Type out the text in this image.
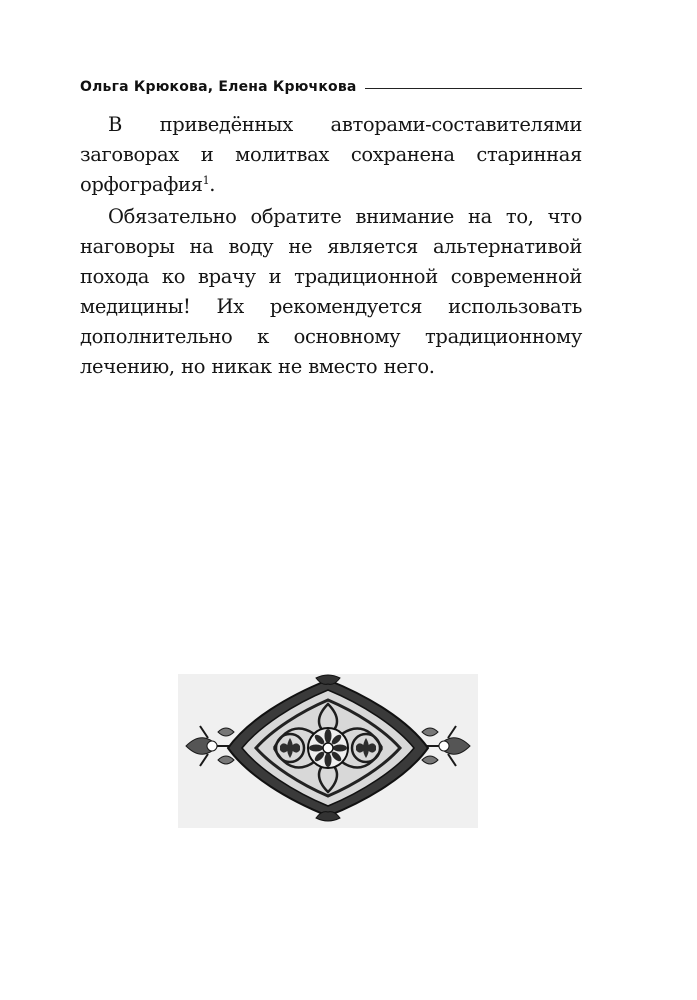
Ольга Крюкова, Елена Крючкова

В приведённых авторами-составителями заговорах и молитвах сохранена старинная орфография$^1$.

Обязательно обратите внимание на то, что наговоры на воду не является альтернативой похода ко врачу и традиционной современной медицины! Их рекомендуется использовать дополнительно к основному традиционному лечению, но никак не вместо него.
